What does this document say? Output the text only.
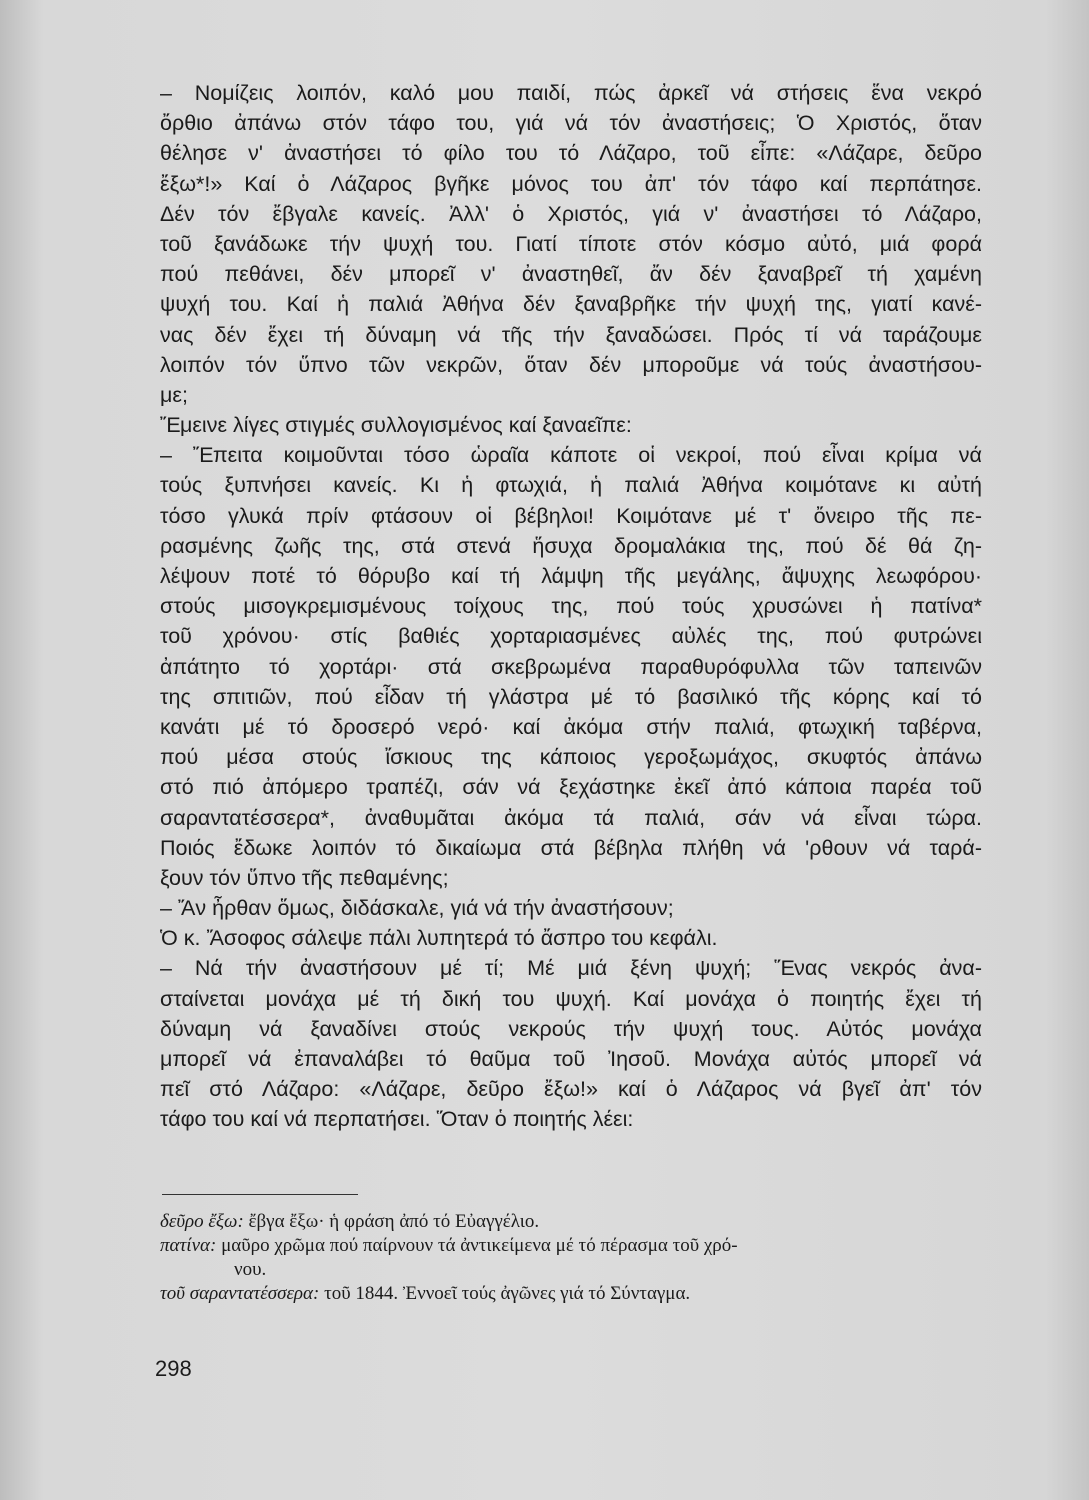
– Νομίζεις λοιπόν, καλό μου παιδί, πώς ἀρκεῖ νά στήσεις ἕνα νεκρό
ὄρθιο ἀπάνω στόν τάφο του, γιά νά τόν ἀναστήσεις; Ὁ Χριστός, ὅταν
θέλησε ν' ἀναστήσει τό φίλο του τό Λάζαρο, τοῦ εἶπε: «Λάζαρε, δεῦρο
ἔξω*!» Καί ὁ Λάζαρος βγῆκε μόνος του ἀπ' τόν τάφο καί περπάτησε.
Δέν τόν ἔβγαλε κανείς. Ἀλλ' ὁ Χριστός, γιά ν' ἀναστήσει τό Λάζαρο,
τοῦ ξανάδωκε τήν ψυχή του. Γιατί τίποτε στόν κόσμο αὐτό, μιά φορά
πού πεθάνει, δέν μπορεῖ ν' ἀναστηθεῖ, ἄν δέν ξαναβρεῖ τή χαμένη
ψυχή του. Καί ἡ παλιά Ἀθήνα δέν ξαναβρῆκε τήν ψυχή της, γιατί κανέ-
νας δέν ἔχει τή δύναμη νά τῆς τήν ξαναδώσει. Πρός τί νά ταράζουμε
λοιπόν τόν ὕπνο τῶν νεκρῶν, ὅταν δέν μποροῦμε νά τούς ἀναστήσου-
με;
Ἔμεινε λίγες στιγμές συλλογισμένος καί ξαναεῖπε:
– Ἔπειτα κοιμοῦνται τόσο ὡραῖα κάποτε οἱ νεκροί, πού εἶναι κρίμα νά
τούς ξυπνήσει κανείς. Κι ἡ φτωχιά, ἡ παλιά Ἀθήνα κοιμότανε κι αὐτή
τόσο γλυκά πρίν φτάσουν οἱ βέβηλοι! Κοιμότανε μέ τ' ὄνειρο τῆς πε-
ρασμένης ζωῆς της, στά στενά ἥσυχα δρομαλάκια της, πού δέ θά ζη-
λέψουν ποτέ τό θόρυβο καί τή λάμψη τῆς μεγάλης, ἄψυχης λεωφόρου·
στούς μισογκρεμισμένους τοίχους της, πού τούς χρυσώνει ἡ πατίνα*
τοῦ χρόνου· στίς βαθιές χορταριασμένες αὐλές της, πού φυτρώνει
ἀπάτητο τό χορτάρι· στά σκεβρωμένα παραθυρόφυλλα τῶν ταπεινῶν
της σπιτιῶν, πού εἶδαν τή γλάστρα μέ τό βασιλικό τῆς κόρης καί τό
κανάτι μέ τό δροσερό νερό· καί ἀκόμα στήν παλιά, φτωχική ταβέρνα,
πού μέσα στούς ἴσκιους της κάποιος γεροξωμάχος, σκυφτός ἀπάνω
στό πιό ἀπόμερο τραπέζι, σάν νά ξεχάστηκε ἐκεῖ ἀπό κάποια παρέα τοῦ
σαραντατέσσερα*, ἀναθυμᾶται ἀκόμα τά παλιά, σάν νά εἶναι τώρα.
Ποιός ἔδωκε λοιπόν τό δικαίωμα στά βέβηλα πλήθη νά 'ρθουν νά ταρά-
ξουν τόν ὕπνο τῆς πεθαμένης;
– Ἄν ἦρθαν ὅμως, διδάσκαλε, γιά νά τήν ἀναστήσουν;
Ὁ κ. Ἄσοφος σάλεψε πάλι λυπητερά τό ἄσπρο του κεφάλι.
– Νά τήν ἀναστήσουν μέ τί; Μέ μιά ξένη ψυχή; Ἕνας νεκρός ἀνα-
σταίνεται μονάχα μέ τή δική του ψυχή. Καί μονάχα ὁ ποιητής ἔχει τή
δύναμη νά ξαναδίνει στούς νεκρούς τήν ψυχή τους. Αὐτός μονάχα
μπορεῖ νά ἐπαναλάβει τό θαῦμα τοῦ Ἰησοῦ. Μονάχα αὐτός μπορεῖ νά
πεῖ στό Λάζαρο: «Λάζαρε, δεῦρο ἔξω!» καί ὁ Λάζαρος νά βγεῖ ἀπ' τόν
τάφο του καί νά περπατήσει. Ὅταν ὁ ποιητής λέει:
δεῦρο ἔξω: ἔβγα ἔξω· ἡ φράση ἀπό τό Εὐαγγέλιο.
πατίνα: μαῦρο χρῶμα πού παίρνουν τά ἀντικείμενα μέ τό πέρασμα τοῦ χρό-
νου.
τοῦ σαραντατέσσερα: τοῦ 1844. Ἐννοεῖ τούς ἀγῶνες γιά τό Σύνταγμα.
298
